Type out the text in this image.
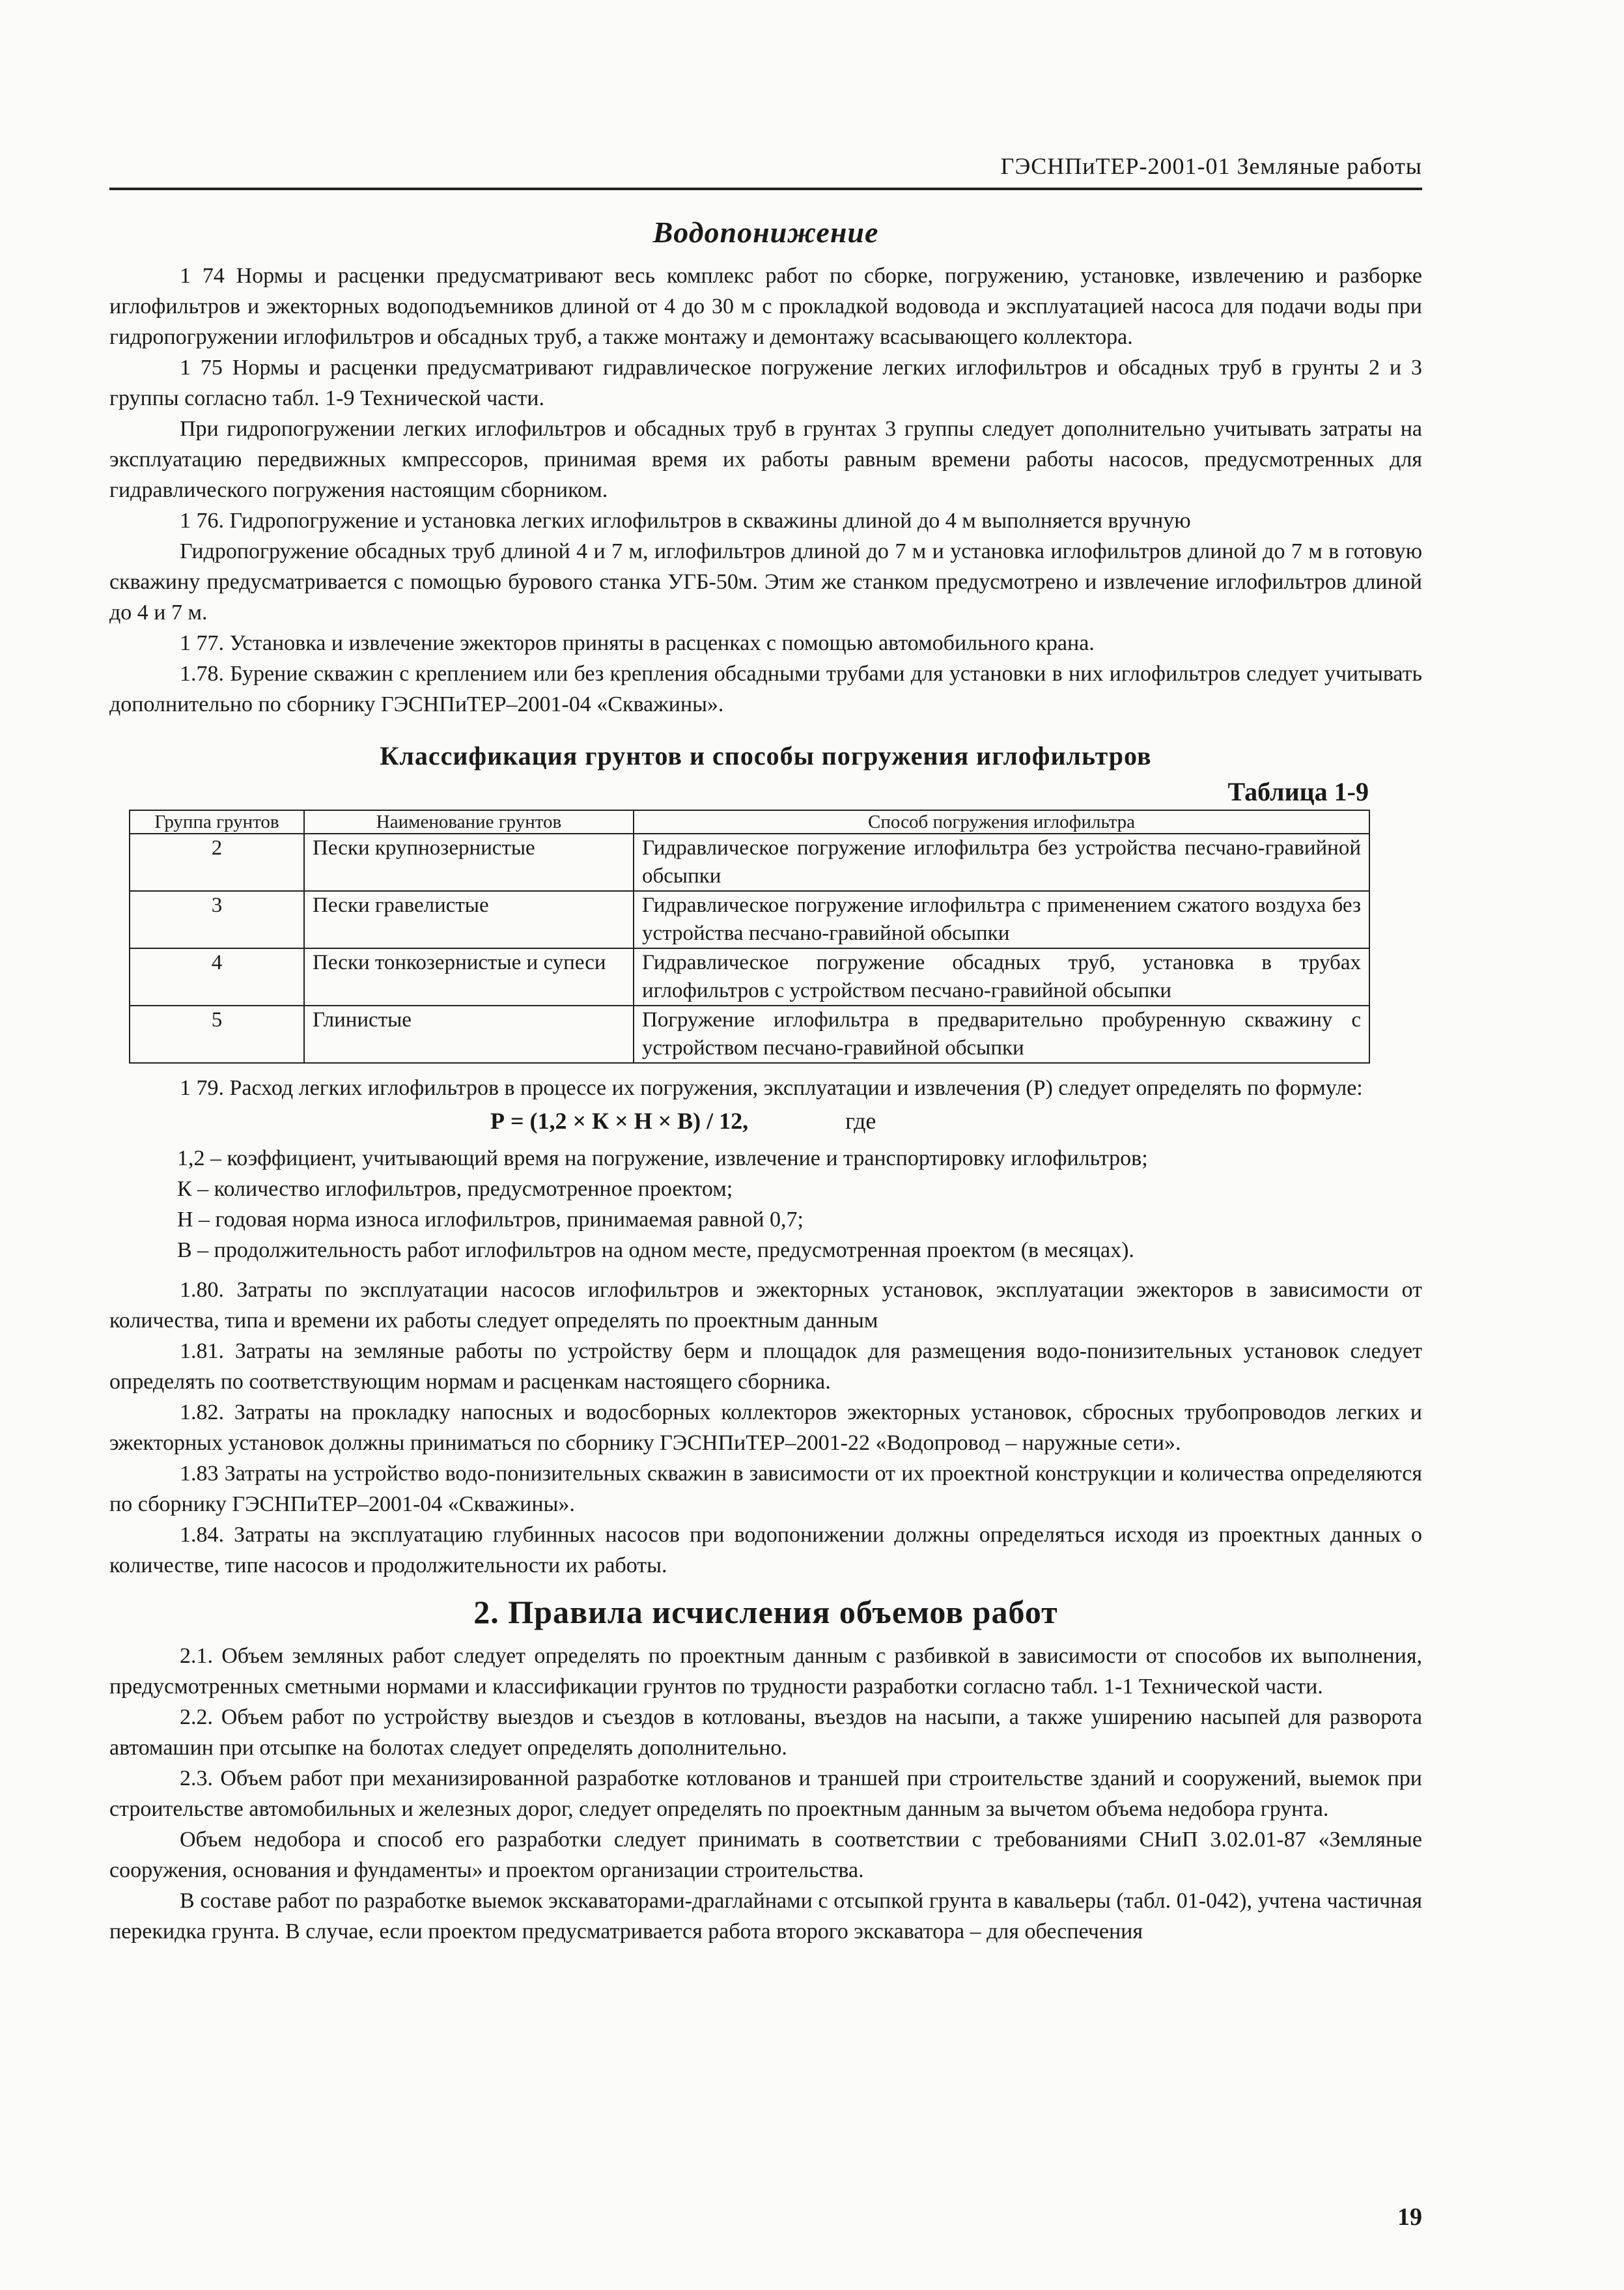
ГЭСНПиТЕР-2001-01 Земляные работы
Водопонижение

1 74 Нормы и расценки предусматривают весь комплекс работ по сборке, погружению, установке, извлечению и разборке иглофильтров и эжекторных водоподъемников длиной от 4 до 30 м с прокладкой водовода и эксплуатацией насоса для подачи воды при гидропогружении иглофильтров и обсадных труб, а также монтажу и демонтажу всасывающего коллектора.

1 75 Нормы и расценки предусматривают гидравлическое погружение легких иглофильтров и обсадных труб в грунты 2 и 3 группы согласно табл. 1-9 Технической части.

При гидропогружении легких иглофильтров и обсадных труб в грунтах 3 группы следует дополнительно учитывать затраты на эксплуатацию передвижных кмпрессоров, принимая время их работы равным времени работы насосов, предусмотренных для гидравлического погружения настоящим сборником.

1 76. Гидропогружение и установка легких иглофильтров в скважины длиной до 4 м выполняется вручную

Гидропогружение обсадных труб длиной 4 и 7 м, иглофильтров длиной до 7 м и установка иглофильтров длиной до 7 м в готовую скважину предусматривается с помощью бурового станка УГБ-50м. Этим же станком предусмотрено и извлечение иглофильтров длиной до 4 и 7 м.

1 77. Установка и извлечение эжекторов приняты в расценках с помощью автомобильного крана.

1.78. Бурение скважин с креплением или без крепления обсадными трубами для установки в них иглофильтров следует учитывать дополнительно по сборнику ГЭСНПиТЕР–2001-04 «Скважины».

Классификация грунтов и способы погружения иглофильтров
Таблица 1-9
Группа грунтов	Наименование грунтов	Способ погружения иглофильтра
2	Пески крупнозернистые	Гидравлическое погружение иглофильтра без устройства песчано-гравийной обсыпки
3	Пески гравелистые	Гидравлическое погружение иглофильтра с применением сжатого воздуха без устройства песчано-гравийной обсыпки
4	Пески тонкозернистые и супеси	Гидравлическое погружение обсадных труб, установка в трубах иглофильтров с устройством песчано-гравийной обсыпки
5	Глинистые	Погружение иглофильтра в предварительно пробуренную скважину с устройством песчано-гравийной обсыпки

1 79. Расход легких иглофильтров в процессе их погружения, эксплуатации и извлечения (Р) следует определять по формуле:

Р = (1,2 × К × Н × В) / 12,	где

1,2 – коэффициент, учитывающий время на погружение, извлечение и транспортировку иглофильтров;

К – количество иглофильтров, предусмотренное проектом;

Н – годовая норма износа иглофильтров, принимаемая равной 0,7;

В – продолжительность работ иглофильтров на одном месте, предусмотренная проектом (в месяцах).

1.80. Затраты по эксплуатации насосов иглофильтров и эжекторных установок, эксплуатации эжекторов в зависимости от количества, типа и времени их работы следует определять по проектным данным

1.81. Затраты на земляные работы по устройству берм и площадок для размещения водо-понизительных установок следует определять по соответствующим нормам и расценкам настоящего сборника.

1.82. Затраты на прокладку напосных и водосборных коллекторов эжекторных установок, сбросных трубопроводов легких и эжекторных установок должны приниматься по сборнику ГЭСНПиТЕР–2001-22 «Водопровод – наружные сети».

1.83 Затраты на устройство водо-понизительных скважин в зависимости от их проектной конструкции и количества определяются по сборнику ГЭСНПиТЕР–2001-04 «Скважины».

1.84. Затраты на эксплуатацию глубинных насосов при водопонижении должны определяться исходя из проектных данных о количестве, типе насосов и продолжительности их работы.

2. Правила исчисления объемов работ

2.1. Объем земляных работ следует определять по проектным данным с разбивкой в зависимости от способов их выполнения, предусмотренных сметными нормами и классификации грунтов по трудности разработки согласно табл. 1-1 Технической части.

2.2. Объем работ по устройству выездов и съездов в котлованы, въездов на насыпи, а также уширению насыпей для разворота автомашин при отсыпке на болотах следует определять дополнительно.

2.3. Объем работ при механизированной разработке котлованов и траншей при строительстве зданий и сооружений, выемок при строительстве автомобильных и железных дорог, следует определять по проектным данным за вычетом объема недобора грунта.

Объем недобора и способ его разработки следует принимать в соответствии с требованиями СНиП 3.02.01-87 «Земляные сооружения, основания и фундаменты» и проектом организации строительства.

В составе работ по разработке выемок экскаваторами-драглайнами с отсыпкой грунта в кавальеры (табл. 01-042), учтена частичная перекидка грунта. В случае, если проектом предусматривается работа второго экскаватора – для обеспечения

19
